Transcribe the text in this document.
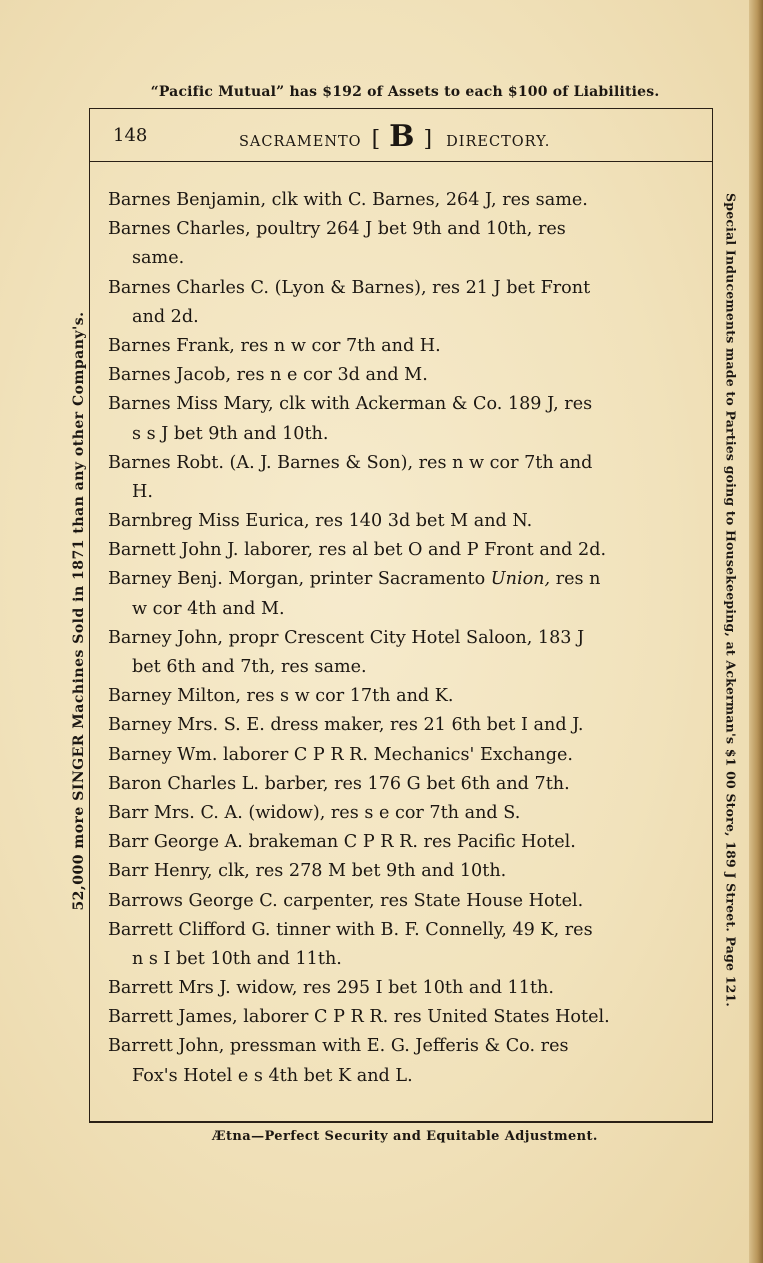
“Pacific Mutual” has $192 of Assets to each $100 of Liabilities.
52,000 more SINGER Machines Sold in 1871 than any other Company's.	Special Inducements made to Parties going to Housekeeping, at Ackerman's $1 00 Store, 189 J Street. Page 121.
148	SACRAMENTO [ B ] DIRECTORY.
Barnes Benjamin, clk with C. Barnes, 264 J, res same.
Barnes Charles, poultry 264 J bet 9th and 10th, res
same.
Barnes Charles C. (Lyon & Barnes), res 21 J bet Front
and 2d.
Barnes Frank, res n w cor 7th and H.
Barnes Jacob, res n e cor 3d and M.
Barnes Miss Mary, clk with Ackerman & Co. 189 J, res
s s J bet 9th and 10th.
Barnes Robt. (A. J. Barnes & Son), res n w cor 7th and
H.
Barnbreg Miss Eurica, res 140 3d bet M and N.
Barnett John J. laborer, res al bet O and P Front and 2d.
Barney Benj. Morgan, printer Sacramento Union, res n
w cor 4th and M.
Barney John, propr Crescent City Hotel Saloon, 183 J
bet 6th and 7th, res same.
Barney Milton, res s w cor 17th and K.
Barney Mrs. S. E. dress maker, res 21 6th bet I and J.
Barney Wm. laborer C P R R. Mechanics' Exchange.
Baron Charles L. barber, res 176 G bet 6th and 7th.
Barr Mrs. C. A. (widow), res s e cor 7th and S.
Barr George A. brakeman C P R R. res Pacific Hotel.
Barr Henry, clk, res 278 M bet 9th and 10th.
Barrows George C. carpenter, res State House Hotel.
Barrett Clifford G. tinner with B. F. Connelly, 49 K, res
n s I bet 10th and 11th.
Barrett Mrs J. widow, res 295 I bet 10th and 11th.
Barrett James, laborer C P R R. res United States Hotel.
Barrett John, pressman with E. G. Jefferis & Co. res
Fox's Hotel e s 4th bet K and L.
Ætna—Perfect Security and Equitable Adjustment.
